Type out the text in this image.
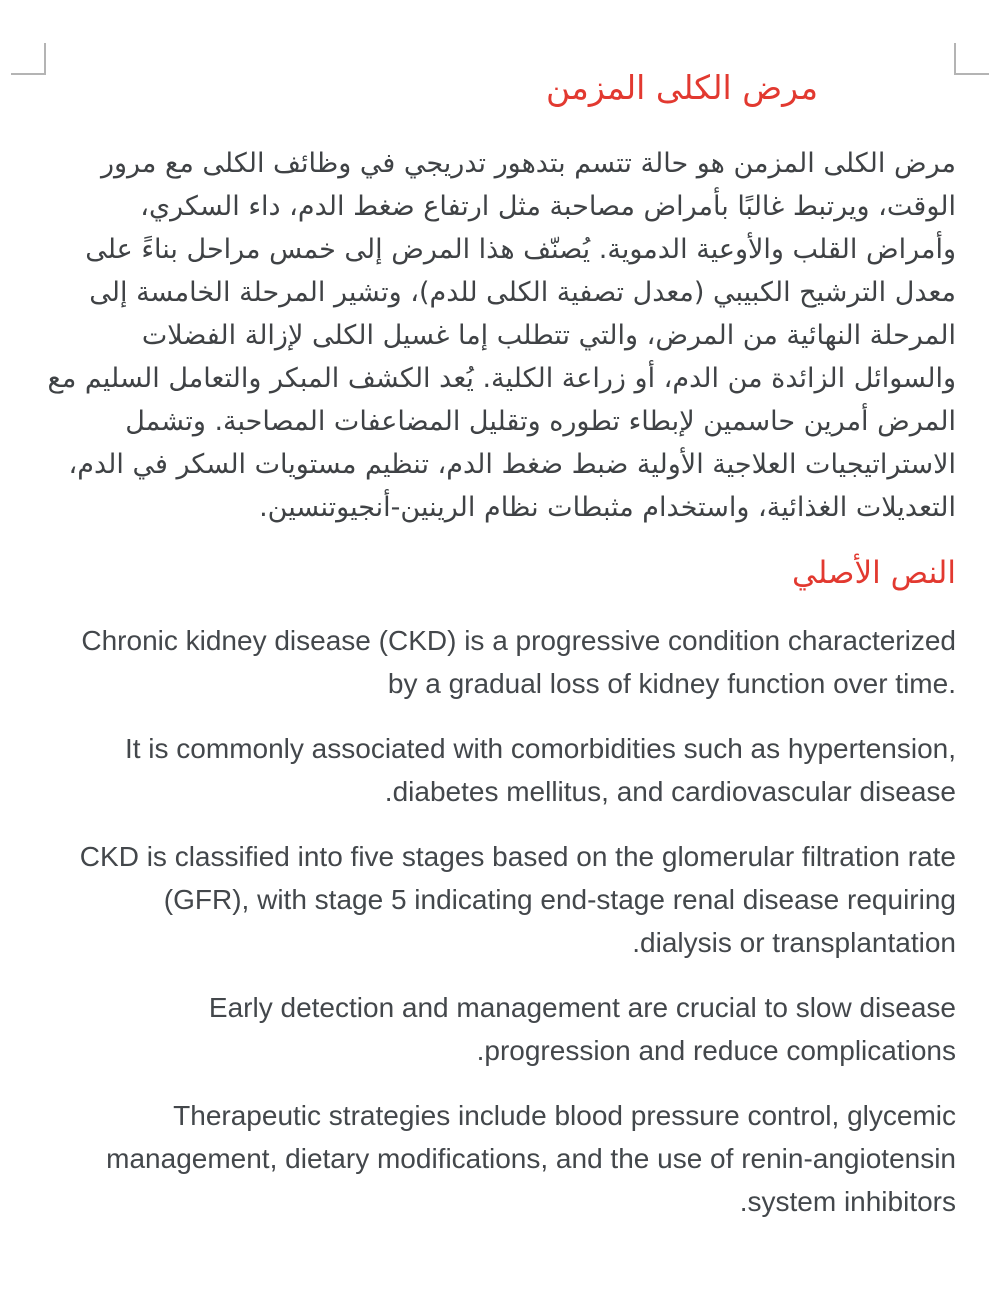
مرض الكلى المزمن

مرض الكلى المزمن هو حالة تتسم بتدهور تدريجي في وظائف الكلى مع مرور الوقت، ويرتبط غالبًا بأمراض مصاحبة مثل ارتفاع ضغط الدم، داء السكري، وأمراض القلب والأوعية الدموية. يُصنّف هذا المرض إلى خمس مراحل بناءً على معدل الترشيح الكبيبي (معدل تصفية الكلى للدم)، وتشير المرحلة الخامسة إلى المرحلة النهائية من المرض، والتي تتطلب إما غسيل الكلى لإزالة الفضلات والسوائل الزائدة من الدم، أو زراعة الكلية. يُعد الكشف المبكر والتعامل السليم مع المرض أمرين حاسمين لإبطاء تطوره وتقليل المضاعفات المصاحبة. وتشمل الاستراتيجيات العلاجية الأولية ضبط ضغط الدم، تنظيم مستويات السكر في الدم، التعديلات الغذائية، واستخدام مثبطات نظام الرينين-أنجيوتنسين.

النص الأصلي

Chronic kidney disease (CKD) is a progressive condition characterized by a gradual loss of kidney function over time.

It is commonly associated with comorbidities such as hypertension, diabetes mellitus, and cardiovascular disease.

CKD is classified into five stages based on the glomerular filtration rate (GFR), with stage 5 indicating end-stage renal disease requiring dialysis or transplantation.

Early detection and management are crucial to slow disease progression and reduce complications.

Therapeutic strategies include blood pressure control, glycemic management, dietary modifications, and the use of renin-angiotensin system inhibitors.
